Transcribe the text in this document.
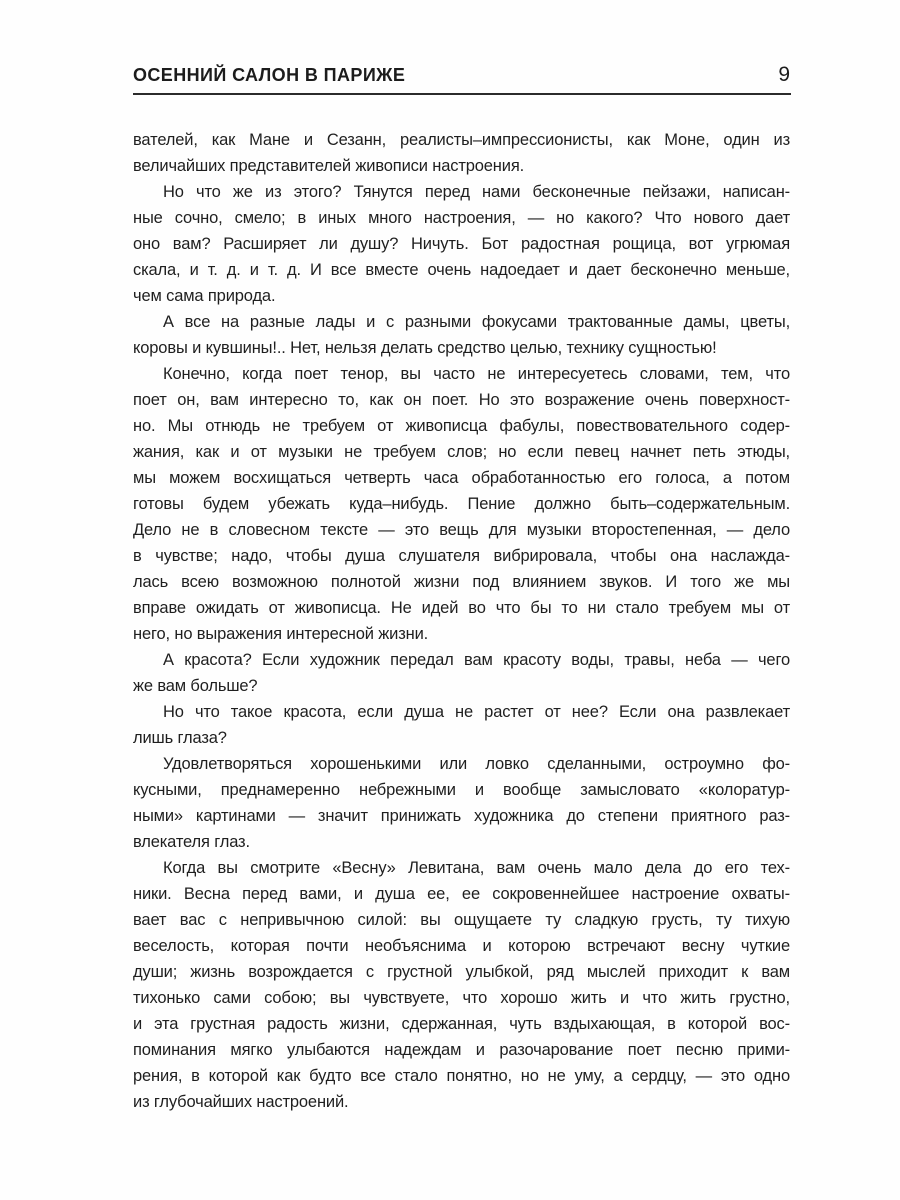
ОСЕННИЙ САЛОН В ПАРИЖЕ	9
вателей, как Мане и Сезанн, реалисты–импрессионисты, как Моне, один из
величайших представителей живописи настроения.
Но что же из этого? Тянутся перед нами бесконечные пейзажи, написан-
ные сочно, смело; в иных много настроения, — но какого? Что нового дает
оно вам? Расширяет ли душу? Ничуть. Бот радостная рощица, вот угрюмая
скала, и т. д. и т. д. И все вместе очень надоедает и дает бесконечно меньше,
чем сама природа.
А все на разные лады и с разными фокусами трактованные дамы, цветы,
коровы и кувшины!.. Нет, нельзя делать средство целью, технику сущностью!
Конечно, когда поет тенор, вы часто не интересуетесь словами, тем, что
поет он, вам интересно то, как он поет. Но это возражение очень поверхност-
но. Мы отнюдь не требуем от живописца фабулы, повествовательного содер-
жания, как и от музыки не требуем слов; но если певец начнет петь этюды,
мы можем восхищаться четверть часа обработанностью его голоса, а потом
готовы будем убежать куда–нибудь. Пение должно быть–содержательным.
Дело не в словесном тексте — это вещь для музыки второстепенная, — дело
в чувстве; надо, чтобы душа слушателя вибрировала, чтобы она наслажда-
лась всею возможною полнотой жизни под влиянием звуков. И того же мы
вправе ожидать от живописца. Не идей во что бы то ни стало требуем мы от
него, но выражения интересной жизни.
А красота? Если художник передал вам красоту воды, травы, неба — чего
же вам больше?
Но что такое красота, если душа не растет от нее? Если она развлекает
лишь глаза?
Удовлетворяться хорошенькими или ловко сделанными, остроумно фо-
кусными, преднамеренно небрежными и вообще замысловато «колоратур-
ными» картинами — значит принижать художника до степени приятного раз-
влекателя глаз.
Когда вы смотрите «Весну» Левитана, вам очень мало дела до его тех-
ники. Весна перед вами, и душа ее, ее сокровеннейшее настроение охваты-
вает вас с непривычною силой: вы ощущаете ту сладкую грусть, ту тихую
веселость, которая почти необъяснима и которою встречают весну чуткие
души; жизнь возрождается с грустной улыбкой, ряд мыслей приходит к вам
тихонько сами собою; вы чувствуете, что хорошо жить и что жить грустно,
и эта грустная радость жизни, сдержанная, чуть вздыхающая, в которой вос-
поминания мягко улыбаются надеждам и разочарование поет песню прими-
рения, в которой как будто все стало понятно, но не уму, а сердцу, — это одно
из глубочайших настроений.
